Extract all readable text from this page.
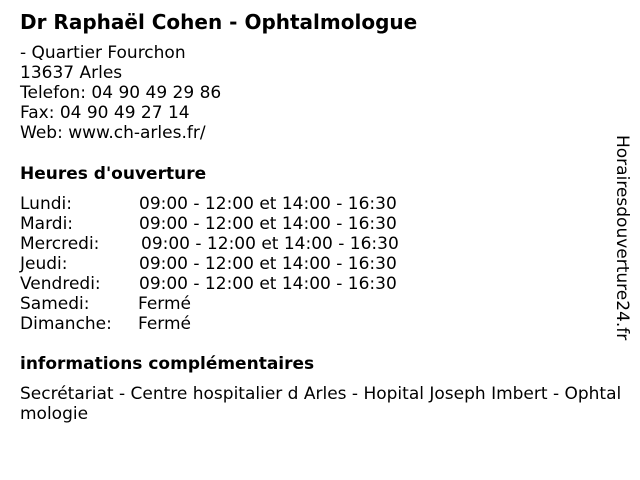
Dr Raphaël Cohen - Ophtalmologue
- Quartier Fourchon
13637 Arles
Telefon: 04 90 49 29 86
Fax: 04 90 49 27 14
Web: www.ch-arles.fr/
Heures d'ouverture
Lundi:	09:00 - 12:00 et 14:00 - 16:30
Mardi:	09:00 - 12:00 et 14:00 - 16:30
Mercredi: 09:00 - 12:00 et 14:00 - 16:30
Jeudi:	09:00 - 12:00 et 14:00 - 16:30
Vendredi: 09:00 - 12:00 et 14:00 - 16:30
Samedi:	Fermé
Dimanche: Fermé
informations complémentaires
Secrétariat - Centre hospitalier d Arles - Hopital Joseph Imbert - Ophtalmologie
Horairesdouverture24.fr
